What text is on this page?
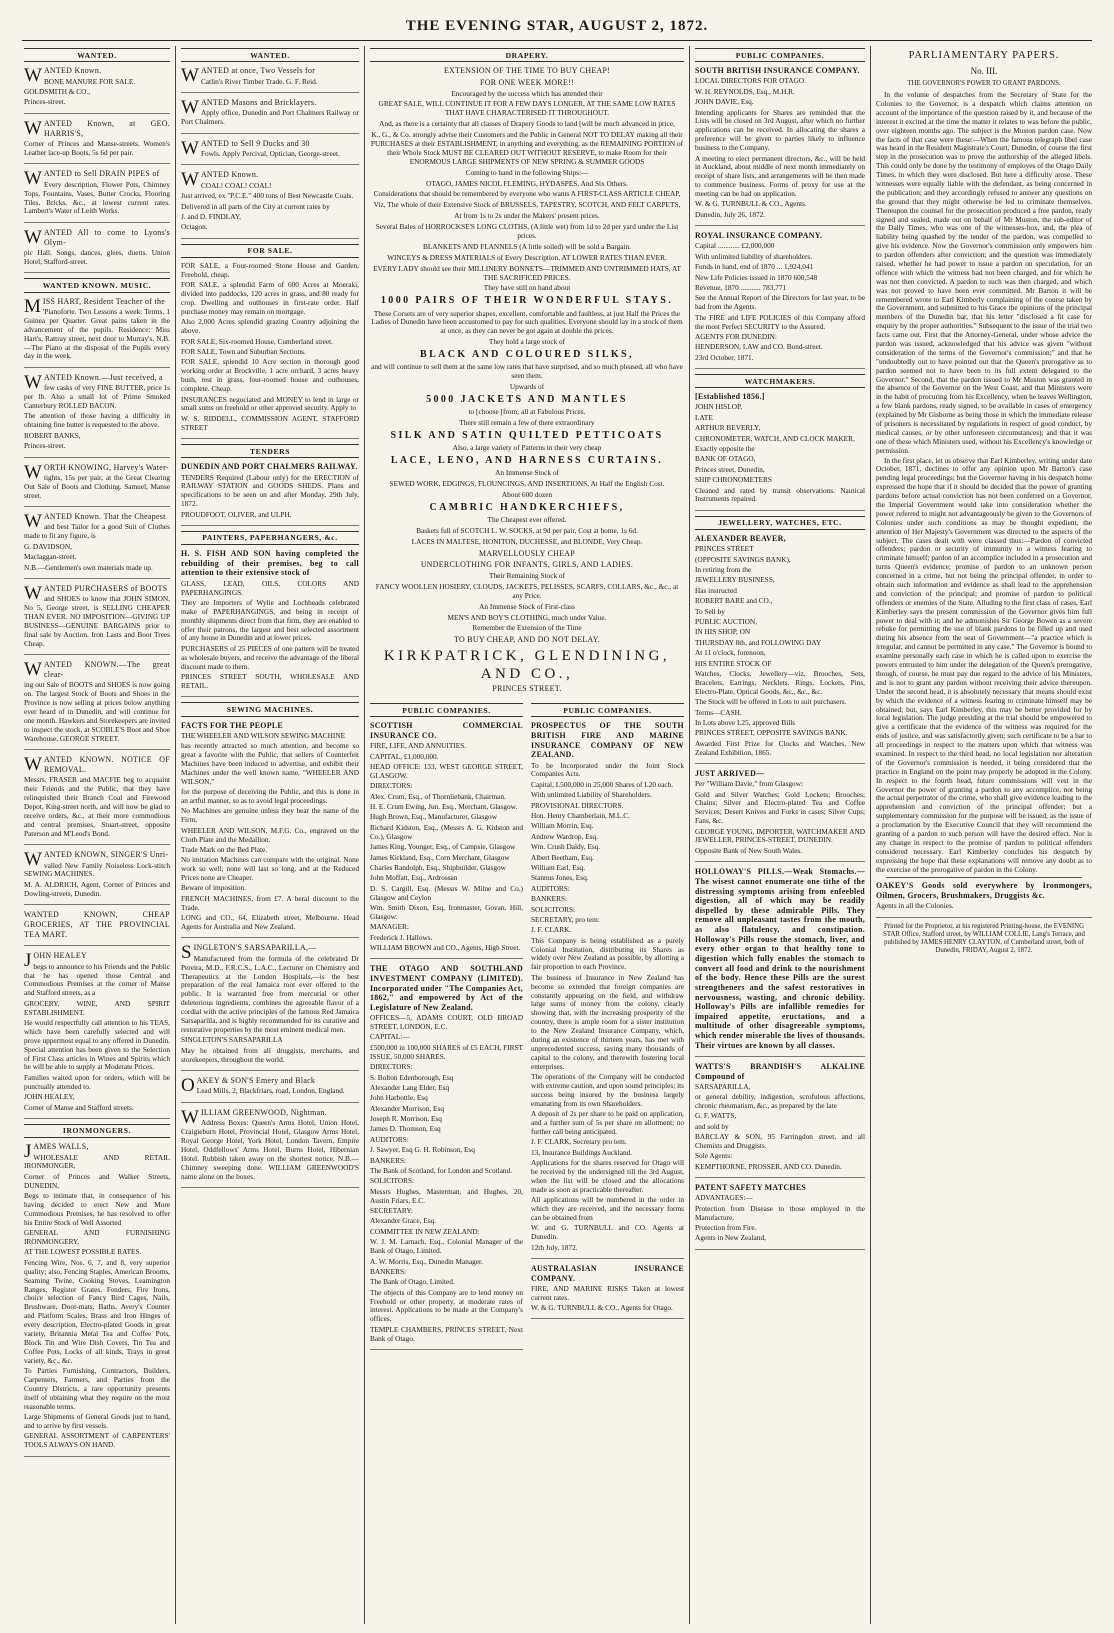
THE EVENING STAR, AUGUST 2, 1872.
WANTED.

WANTED Known.

BONE MANURE FOR SALE.

GOLDSMITH & CO.,

Princes-street.

WANTED Known, at GEO. HARRIS'S,

Corner of Princes and Manse-streets. Women's Leather lace-up Boots, 5s 6d per pair.

WANTED to Sell DRAIN PIPES of

Every description, Flower Pots, Chimney Tops, Fountains, Vases, Butter Crocks, Flooring Tiles, Bricks, &c., at lowest current rates. Lambert's Water of Leith Works.

WANTED All to come to Lyons's Olym-

pic Hall. Songs, dances, glees, duetts. Union Hotel, Stafford-street.

WANTED KNOWN. MUSIC.

MISS HART, Resident Teacher of the

'Pianoforte. Two Lessons a week: Terms, 1 Guinea per Quarter. Great pains taken in the advancement of the pupils. Residence: Miss Hart's, Rattray street, next door to Murray's. N.B.—The Piano at the disposal of the Pupils every day in the week.

WANTED Known.—Just received, a

few casks of very FINE BUTTER, price 1s per lb. Also a small lot of Prime Smoked Canterbury ROLLED BACON.

The attention of those having a difficulty in obtaining fine butter is requested to the above.

ROBERT BANKS,

Princes-street.

WORTH KNOWING, Harvey's Water-

tights, 15s per pair, at the Great Clearing Out Sale of Boots and Clothing. Samuel, Manse street.

WANTED Known. That the Cheapest

and best Tailor for a good Suit of Clothes made to fit any figure, is

G. DAVIDSON,

Maclaggan-street.

N.B.—Gentlemen's own materials made up.

WANTED PURCHASERS of BOOTS

and SHOES to know that JOHN SIMON, No 5, George street, is SELLING CHEAPER THAN EVER. NO IMPOSITION—GIVING UP BUSINESS—GENUINE BARGAINS prior to final sale by Auction. Iron Lasts and Boot Trees Cheap.

WANTED KNOWN.—The great clear-

ing out Sale of BOOTS and SHOES is now going on. The largest Stock of Boots and Shoes in the Province is now selling at prices below anything ever heard of in Dunedin, and will continue for one month. Hawkers and Storekeepers are invited to inspect the stock, at SCOBLE'S Boot and Shoe Warehouse, GEORGE STREET.

WANTED KNOWN. NOTICE OF REMOVAL.

Messrs. FRASER and MACFIE beg to acquaint their Friends and the Public, that they have relinquished their Branch Coal and Firewood Depot, King-street north, and will now be glad to receive orders, &c., at their more commodious and central premises, Stuart-street, opposite Paterson and M'Leod's Bond.

WANTED KNOWN, SINGER'S Unri-

valled New Family Noiseless Lock-stitch SEWING MACHINES.

M. A. ALDRICH, Agent, Corner of Princes and Dowling-streets, Dunedin.

WANTED KNOWN, CHEAP GROCERIES, AT THE PROVINCIAL TEA MART.

JOHN HEALEY

begs to announce to his Friends and the Public that he has opened those Central and Commodious Premises at the corner of Manse and Stafford streets, as a

GROCERY, WINE, AND SPIRIT ESTABLISHMENT.

He would respectfully call attention to his TEAS, which have been carefully selected and will prove uppermost equal to any offered in Dunedin. Special attention has been given to the Selection of First Class articles in Wines and Spirits which he will be able to supply at Moderate Prices.

Families waited upon for orders, which will be punctually attended to.

JOHN HEALEY,

Corner of Manse and Stafford streets.

IRONMONGERS.

JAMES WALLS,

WHOLESALE AND RETAIL IRONMONGER,

Corner of Princes and Walker Streets, DUNEDIN,

Begs to intimate that, in consequence of his having decided to erect New and More Commodious Premises, he has resolved to offer his Entire Stock of Well Assorted

GENERAL AND FURNISHING IRONMONGERY,

AT THE LOWEST POSSIBLE RATES.

Fencing Wire, Nos. 6, 7, and 8, very superior quality; also, Fencing Staples, American Brooms, Seaming Twine, Cooking Stoves, Leamington Ranges, Register Grates, Fenders, Fire Irons, choice selection of Fancy Bird Cages, Nails, Brushware, Door-mats, Baths, Avery's Counter and Platform Scales, Brass and Iron Hinges of every description, Electro-plated Goods in great variety, Britannia Metal Tea and Coffee Pots, Block Tin and Wire Dish Covers, Tin Tea and Coffee Pots, Locks of all kinds, Trays in great variety, &c., &c.

To Parties Furnishing, Contractors, Builders, Carpenters, Farmers, and Parties from the Country Districts, a rare opportunity presents itself of obtaining what they require on the most reasonable terms.

Large Shipments of General Goods just to hand, and to arrive by first vessels.

GENERAL ASSORTMENT of CARPENTERS' TOOLS ALWAYS ON HAND.

WANTED.

WANTED at once, Two Vessels for

Catlin's River Timber Trade. G. F. Reid.

WANTED Masons and Bricklayers.

Apply office, Dunedin and Port Chalmers Railway or Port Chalmers.

WANTED to Sell 9 Ducks and 30

Fowls. Apply Percival, Optician, George-street.

WANTED Known.

COAL! COAL! COAL!

Just arrived, ex "P.C.E." 400 tons of Best Newcastle Coals.

Delivered in all parts of the City at current rates by

J. and D. FINDLAY,

Octagon.

FOR SALE.

FOR SALE, a Four-roomed Stone House and Garden, Freehold, cheap.

FOR SALE, a splendid Farm of 600 Acres at Moeraki, divided into paddocks, 120 acres in grass, and 80 ready for crop. Dwelling and outhouses in first-rate order. Half purchase money may remain on mortgage.

Also 2,000 Acres splendid grazing Country adjoining the above.

FOR SALE, Six-roomed House, Cumberland street.

FOR SALE, Town and Suburban Sections.

FOR SALE, splendid 10 Acre section in thorough good working order at Brockville, 1 acre orchard, 3 acres heavy bush, rest in grass, four-roomed house and outhouses, complete. Cheap.

INSURANCES negociated and MONEY to lend in large or small sums on freehold or other approved security. Apply to

W. S. RIDDELL, COMMISSION AGENT, STAFFORD STREET

TENDERS

DUNEDIN AND PORT CHALMERS RAILWAY.

TENDERS Required (Labour only) for the ERECTION of RAILWAY STATION and GOODS SHEDS. Plans and specifications to be seen on and after Monday, 29th July, 1872.

PROUDFOOT, OLIVER, and ULPH.

PAINTERS, PAPERHANGERS, &c.

H. S. FISH AND SON having completed the rebuilding of their premises, beg to call attention to their extensive stock of

GLASS, LEAD, OILS, COLORS AND PAPERHANGINGS.

They are Importers of Wylie and Lochheads celebrated make of PAPERHANGINGS, and being in receipt of monthly shipments direct from that firm, they are enabled to offer their patrons, the largest and best selected assortment of any house in Dunedin and at lower prices.

PURCHASERS of 25 PIECES of one pattern will be treated as wholesale buyers, and receive the advantage of the liberal discount made to them.

PRINCES STREET SOUTH, WHOLESALE AND RETAIL.

SEWING MACHINES.

FACTS FOR THE PEOPLE

THE WHEELER AND WILSON SEWING MACHINE

has recently attracted so much attention, and become so great a favorite with the Public, that sellers of Counterfeit Machines have been induced to advertise, and exhibit their Machines under the well known name, "WHEELER AND WILSON,"

for the purpose of deceiving the Public, and this is done in an artful manner, so as to avoid legal proceedings.

No Machines are genuine unless they bear the name of the Firm,

WHEELER AND WILSON, M.F.G. Co., engraved on the Cloth Plate and the Medallion.

Trade Mark on the Bed Plate.

No imitation Machines can compare with the original. None work so well; none will last so long, and at the Reduced Prices none are Cheaper.

Beware of imposition.

FRENCH MACHINES, from £7. A beral discount to the Trade.

LONG and CO., 64, Elizabeth street, Melbourne. Head Agents for Australia and New Zealand.

SINGLETON'S SARSAPARILLA,—

Manufactured from the formula of the celebrated Dr Pereira, M.D., F.R.C.S., L.A.C., Lecturer on Chemistry and Therapeutics at the London Hospitals,—is the best preparation of the real Jamaica root ever offered to the public. It is warranted free from mercurial or other deleterious ingredients, combines the agreeable flavor of a cordial with the active principles of the famous Red Jamaica Sarsaparilla, and is highly recommended for its curative and restorative properties by the most eminent medical men.

SINGLETON'S SARSAPARILLA

May be obtained from all druggists, merchants, and storekeepers, throughout the world.

OAKEY & SON'S Emery and Black

Lead Mills, 2, Blackfriars, road, London, England.

WILLIAM GREENWOOD, Nightman.

Address Boxes: Queen's Arms Hotel, Union Hotel, Craigieburn Hotel, Provincial Hotel, Glasgow Arms Hotel, Royal George Hotel, York Hotel, London Tavern, Empire Hotel, Oddfellows' Arms Hotel, Burns Hotel, Hibernian Hotel. Rubbish taken away on the shortest notice. N.B.—Chimney sweeping done. WILLIAM GREENWOOD'S name alone on the boxes.

DRAPERY.

EXTENSION OF THE TIME TO BUY CHEAP!

FOR ONE WEEK MORE!!

Encouraged by the success which has attended their

GREAT SALE, WILL CONTINUE IT FOR A FEW DAYS LONGER, AT THE SAME LOW RATES THAT HAVE CHARACTERISED IT THROUGHOUT.

And, as there is a certainty that all classes of Drapery Goods to land [will be much advanced in price,

K., G., & Co. strongly advise their Customers and the Public in General NOT TO DELAY making all their PURCHASES at their ESTABLISHMENT, in anything and everything, as the REMAINING PORTION of their Whole Stock MUST BE CLEARED OUT WITHOUT RESERVE, to make Room for their ENORMOUS LARGE SHIPMENTS OF NEW SPRING & SUMMER GOODS

Coming to hand in the following Ships:—

OTAGO, JAMES NICOL FLEMING, HYDASPES, And Six Others.

Considerations that should be remembered by everyone who wants A FIRST-CLASS ARTICLE CHEAP,

Viz, The whole of their Extensive Stock of BRUSSELS, TAPESTRY, SCOTCH, AND FELT CARPETS,

At from 1s to 2s under the Makers' present prices.

Several Bales of HORROCKSE'S LONG CLOTHS, (A little wet) from 1d to 2d per yard under the List prices.

BLANKETS AND FLANNELS (A little soiled) will be sold a Bargain.

WINCEYS & DRESS MATERIALS of Every Description, AT LOWER RATES THAN EVER.

EVERY LADY should see their MILLINERY BONNETS—TRIMMED AND UNTRIMMED HATS, AT THE SACRIFICED PRICES.

They have still on hand about

1000 PAIRS OF THEIR WONDERFUL STAYS.

These Corsets are of very superior shapes, excellent, comfortable and faultless, at just Half the Prices the Ladies of Dunedin have been accustomed to pay for such qualities. Everyone should lay in a stock of them at once, as they can never be got again at double the prices.

They hold a large stock of

BLACK AND COLOURED SILKS,

and will continue to sell them at the same low rates that have surprised, and so much pleased, all who have seen them.

Upwards of

5000 JACKETS AND MANTLES

to [choose [from; all at Fabulous Prices.

There still remain a few of there extraordinary

SILK AND SATIN QUILTED PETTICOATS

Also, a large variety of Patterns in their very cheap

LACE, LENO, AND HARNESS CURTAINS.

An Immense Stock of

SEWED WORK, EDGINGS, FLOUNCINGS, AND INSERTIONS, At Half the English Cost.

About 600 dozen

CAMBRIC HANDKERCHIEFS,

The Cheapest ever offered.

Baskets full of SCOTCH L. W. SOCKS, at 9d per pair, Cost at home, 1s 6d.

LACES IN MALTESE, HONITON, DUCHESSE, and BLONDE, Very Cheap.

MARVELLOUSLY CHEAP

UNDERCLOTHING FOR INFANTS, GIRLS, AND LADIES.

Their Remaining Stock of

FANCY WOOLLEN HOSIERY, CLOUDS, JACKETS, PELISSES, SCARFS, COLLARS, &c., &c., at any Price.

An Immense Stock of First-class

MEN'S AND BOY'S CLOTHING, much under Value.

Remember the Extension of the Time

TO BUY CHEAP, AND DO NOT DELAY.

KIRKPATRICK, GLENDINING, AND CO.,
PRINCES STREET.
PUBLIC COMPANIES.

SCOTTISH COMMERCIAL INSURANCE CO.

FIRE, LIFE, AND ANNUITIES.

CAPITAL, £1,000,000.

HEAD OFFICE: 133, WEST GEORGE STREET, GLASGOW.

DIRECTORS:

Alex. Crum, Esq., of Thornliebank, Chairman.

H. E. Crum Ewing, Jun. Esq., Merchant, Glasgow.

Hugh Brown, Esq., Manufacturer, Glasgow

Richard Kidston, Esq., (Messrs A. G. Kidston and Co.), Glasgow

James King, Younger, Esq., of Campsie, Glasgow

James Kirkland, Esq., Corn Merchant, Glasgow

Charles Randolph, Esq., Shipbuilder, Glasgow

John Moffatt, Esq., Ardrossan

D. S. Cargill, Esq. (Messrs W. Milne and Co.) Glasgow and Ceylon

Wm. Smith Dixon, Esq, Ironmaster, Govan, Hill, Glasgow.

MANAGER:

Frederick J. Hallows.

WILLIAM BROWN and CO., Agents, High Street.

THE OTAGO AND SOUTHLAND INVESTMENT COMPANY (LIMITED). Incorporated under "The Companies Act, 1862," and empowered by Act of the Legislature of New Zealand.

OFFICES—5, ADAMS COURT, OLD BROAD STREET, LONDON, E.C.

CAPITAL:—

£500,000 in 100,000 SHARES of £5 EACH, FIRST ISSUE, 50,000 SHARES.

DIRECTORS:

S. Bolton Edenborough, Esq

Alexander Lang Elder, Esq

John Harbottle, Esq

Alexander Morrison, Esq

Joseph R. Morrison, Esq

James D. Thomson, Esq

AUDITORS:

J. Sawyer, Esq G. H. Robinson, Esq

BANKERS:

The Bank of Scotland, for London and Scotland.

SOLICITORS:

Messrs Hughes, Masterman, and Hughes, 20, Austin Friars, E.C.

SECRETARY:

Alexander Grace, Esq.

COMMITTEE IN NEW ZEALAND:

W. J. M. Larnach, Esq., Colonial Manager of the Bank of Otago, Limited.

A. W. Morris, Esq., Dunedin Manager.

BANKERS:

The Bank of Otago, Limited.

The objects of this Company are to lend money on Freehold or other property, at moderate rates of interest. Applications to be made at the Company's offices,

TEMPLE CHAMBERS, PRINCES STREET, Next Bank of Otago.

PUBLIC COMPANIES.

PROSPECTUS OF THE SOUTH BRITISH FIRE AND MARINE INSURANCE COMPANY OF NEW ZEALAND.

To be Incorporated under the Joint Stock Companies Acts.

Capital, L500,000 in 25,000 Shares of L20 each.

With unlimited Liability of Shareholders.

PROVISIONAL DIRECTORS.

Hon. Henry Chamberlain, M.L.C.

William Morrin, Esq.

Andrew Wardrop, Esq.

Wm. Crush Daldy, Esq.

Albert Beetham, Esq.

William Earl, Esq.

Stannus Jones, Esq.

AUDITORS:

BANKERS:

SOLICITORS:

SECRETARY, pro tem:

J. F. CLARK.

This Company is being established as a purely Colonial Institution, distributing its Shares as widely over New Zealand as possible, by allotting a fair proportion to each Province.

The business of Insurance in New Zealand has become so extended that foreign companies are constantly appearing on the field, and withdraw large sums of money from the colony, clearly showing that, with the increasing prosperity of the country, there is ample room for a sister institution to the New Zealand Insurance Company, which, during an existence of thirteen years, has met with unprecedented success, saving many thousands of capital to the colony, and therewith fostering local enterprises.

The operations of the Company will be conducted with extreme caution, and upon sound principles; its success being insured by the business largely emanating from its own Shareholders.

A deposit of 2s per share to be paid on application, and a further sum of 5s per share on allotment; no further call being anticipated.

J. F. CLARK, Secretary pro tem.

13, Insurance Buildings Auckland.

Applications for the shares reserved for Otago will be received by the undersigned till the 3rd August, when the list will be closed and the allocations made as soon as practicable thereafter.

All applications will be numbered in the order in which they are received, and the necessary forms can be obtained from

W. and G. TURNBULL and CO. Agents at Dunedin.

12th July, 1872.

AUSTRALASIAN INSURANCE COMPANY.

FIRE, AND MARINE RISKS Taken at lowest current rates.

W. & G. TURNBULL & CO., Agents for Otago.

PUBLIC COMPANIES.

SOUTH BRITISH INSURANCE COMPANY.

LOCAL DIRECTORS FOR OTAGO.

W. H. REYNOLDS, Esq., M.H.R.

JOHN DAVIE, Esq.

Intending applicants for Shares are reminded that the Lists will be closed on 3rd August, after which no further applications can be received. In allocating the shares a preference will be given to parties likely to influence business to the Company.

A meeting to elect permanent directors, &c., will be held in Auckland, about middle of next month immediately on receipt of share lists, and arrangements will be then made to commence business. Forms of proxy for use at the meeting can be had on application.

W. & G. TURNBULL & CO., Agents.

Dunedin, July 26, 1872.

ROYAL INSURANCE COMPANY.

Capital ............ £2,000,000

With unlimited liability of shareholders.

Funds in hand, end of 1870 ... 1,924,041

New Life Policies issued in 1870 600,548

Revenue, 1870 ........... 783,771

See the Annual Report of the Directors for last year, to be had from the Agents.

The FIRE and LIFE POLICIES of this Company afford the most Perfect SECURITY to the Assured.

AGENTS FOR DUNEDIN:

HENDERSON, LAW and CO. Bond-street.

23rd October, 1871.

WATCHMAKERS.

[Established 1856.]

JOHN HISLOP,

LATE

ARTHUR BEVERLY,

CHRONOMETER, WATCH, AND CLOCK MAKER,

Exactly opposite the

BANK OF OTAGO,

Princes street, Dunedin,

SHIP CHRONOMETERS

Cleaned and rated by transit observations. Nautical Instruments repaired.

JEWELLERY, WATCHES, ETC.

ALEXANDER BEAVER,

PRINCES STREET

(OPPOSITE SAVINGS BANK),

In retiring from the

JEWELLERY BUSINESS,

Has instructed

ROBERT BARE and CO.,

To Sell by

PUBLIC AUCTION,

IN HIS SHOP, ON

THURSDAY 8th, and FOLLOWING DAY

At 11 o'clock, forenoon,

HIS ENTIRE STOCK OF

Watches, Clocks, Jewellery—viz, Brooches, Sets, Bracelets, Earrings, Necklets, Rings, Lockets, Pins, Electro-Plate, Optical Goods, &c., &c., &c.

The Stock will be offered in Lots to suit purchasers.

Terms—CASH.

In Lots above L25, approved Bills

PRINCES STREET, OPPOSITE SAVINGS BANK.

Awarded First Prize for Clocks and Watches, New Zealand Exhibition, 1865.

JUST ARRIVED—

Per "William Davie," from Glasgow:

Gold and Silver Watches; Gold Lockets; Brooches; Chains; Silver and Electro-plated Tea and Coffee Services; Desert Knives and Forks in cases; Silver Cups; Fans, &c.

GEORGE YOUNG, IMPORTER, WATCHMAKER AND JEWELLER, PRINCES-STREET, DUNEDIN.

Opposite Bank of New South Wales.

HOLLOWAY'S PILLS.—Weak Stomachs.—The wisest cannot enumerate one tithe of the distressing symptoms arising from enfeebled digestion, all of which may be readily dispelled by these admirable Pills. They remove all unpleasant tastes from the mouth, as also flatulency, and constipation. Holloway's Pills rouse the stomach, liver, and every other organ to that healthy tone to digestion which fully enables the stomach to convert all food and drink to the nourishment of the body. Hence these Pills are the surest strengtheners and the safest restoratives in nervousness, wasting, and chronic debility. Holloway's Pills are infallible remedies for impaired appetite, eructations, and a multitude of other disagreeable symptoms, which render miserable the lives of thousands. Their virtues are known by all classes.

WATTS'S BRANDISH'S ALKALINE Compound of

SARSAPARILLA,

or general debility, indigestion, scrofulous affections, chronic rheumatism, &c., as prepared by the late

G. F. WATTS,

and sold by

BARCLAY & SON, 95 Farringdon street, and all Chemists and Druggists.

Sole Agents:

KEMPTHORNE, PROSSER, AND CO. Dunedin.

PATENT SAFETY MATCHES

ADVANTAGES:—

Protection from Disease to those employed in the Manufacture.

Protection from Fire.

Agents in New Zealand,

PARLIAMENTARY PAPERS.
No. III.
THE GOVERNOR'S POWER TO GRANT PARDONS.

In the volume of despatches from the Secretary of State for the Colonies to the Governor, is a despatch which claims attention on account of the importance of the question raised by it, and because of the interest it excited at the time the matter it relates to was before the public, over eighteen months ago. The subject is the Muston pardon case. Now the facts of that case were these:—When the famous telegraph libel case was heard in the Resident Magistrate's Court, Dunedin, of course the first step in the prosecution was to prove the authorship of the alleged libels. This could only be done by the testimony of employes of the Otago Daily Times, in which they were disclosed. But here a difficulty arose. These witnesses were equally liable with the defendant, as being concerned in the publication; and they accordingly refused to answer any questions on the ground that they might otherwise be led to criminate themselves. Thereupon the counsel for the prosecution produced a free pardon, ready signed and sealed, made out on behalf of Mr Muston, the sub-editor of the Daily Times, who was one of the witnesses-box, and, the plea of liability being quashed by the tender of the pardon, was compelled to give his evidence. Now the Governor's commission only empowers him to pardon offenders after conviction; and the question was immediately raised, whether he had power to issue a pardon on speculation, for an offence with which the witness had not been charged, and for which he was not then convicted. A pardon to such was then charged, and which was not proved to have been ever committed. Mr Barton it will be remembered wrote to Earl Kimberly complaining of the course taken by the Government, and submitted to his Grace the opinions of the principal members of the Dunedin bar, that his letter "disclosed a fit case for enquiry by the proper authorities." Subsequent to the issue of the trial two facts came out. First that the Attorney-General, under whose advice the pardon was issued, acknowledged that his advice was given "without consideration of the terms of the Governor's commission;" and that he "undoubtedly out to have pointed out that the Queen's prerogative as to pardon seemed not to have been to its full extent delegated to the Governor." Second, that the pardon issued to Mr Muston was granted in the absence of the Governor on the West Coast, and that Ministers were in the habit of procuring from his Excellency, when he leaves Wellington, a few blank pardons, ready signed, to be available in cases of emergency (explained by Mr Gisborne as being those in which the immediate release of prisoners is necessitated by regulations in respect of good conduct, by medical causes, or by other unforeseen circumstances); and that it was one of these which Ministers used, without his Excellency's knowledge or permission.

In the first place, let us observe that Earl Kimberley, writing under date October, 1871, declines to offer any opinion upon Mr Barton's case pending legal proceedings; but the Governor having in his despatch home expressed the hope that if it should be decided that the power of granting pardons before actual conviction has not been conferred on a Governor, the Imperial Government would take into consideration whether the power referred to might not advantageously be given to the Governors of Colonies under such conditions as may be thought expedient, the attention of Her Majesty's Government was directed to the aspects of the subject. The cases dealt with were classed thus:—Pardon of convicted offenders; pardon or security of immunity to a witness fearing to criminate himself; pardon of an accomplice included in a prosecution and turns Queen's evidence; promise of pardon to an unknown person concerned in a crime, but not being the principal offender, in order to obtain such information and evidence as shall lead to the apprehension and conviction of the principal; and promise of pardon to political offenders or enemies of the State. Alluding to the first class of cases, Earl Kimberley says the present commission of the Governor gives him full power to deal with it; and he admonishes Sir George Bowen as a severe rebuke for permitting the use of blank pardons to be filled up and used during his absence from the seat of Government—"a practice which is irregular, and cannot be permitted in any case." The Governor is bound to examine personally each case in which he is called upon to exercise the powers entrusted to him under the delegation of the Queen's prerogative, though, of course, he must pay due regard to the advice of his Ministers, and is not to grant any pardon without receiving their advice thereupon. Under the second head, it is absolutely necessary that means should exist by which the evidence of a witness fearing to criminate himself may be obtained; but, says Earl Kimberley, this may be better provided for by local legislation. The judge presiding at the trial should be empowered to give a certificate that the evidence of the witness was required for the ends of justice, and was satisfactorily given; such certificate to be a bar to all proceedings in respect to the matters upon which that witness was examined. In respect to the third head, no local legislation nor alteration of the Governor's commission is needed, it being considered that the practice in England on the point may properly be adopted in the Colony. In respect to the fourth head, future commissions will vest in the Governor the power of granting a pardon to any accomplice, not being the actual perpetrator of the crime, who shall give evidence leading to the apprehension and conviction of the principal offender; but a supplementary commission for the purpose will be issued, as the issue of a proclamation by the Executive Council that they will recommend the granting of a pardon to such person will have the desired effect. Nor is any change in respect to the promise of pardon to political offenders considered necessary. Earl Kimberley concludes his despatch by expressing the hope that these explanations will remove any doubt as to the exercise of the prerogative of pardon in the Colony.

OAKEY'S Goods sold everywhere by Ironmongers, Oilmen, Grocers, Brushmakers, Druggists &c.

Agents in all the Colonies.

Printed for the Proprietor, at his registered Printing-house, the EVENING STAR Office, Stafford street, by WILLIAM COLLIE, Lang's Terrace, and published by JAMES HENRY CLAYTON, of Cumberland street, both of Dunedin, FRIDAY, August 2, 1872.
